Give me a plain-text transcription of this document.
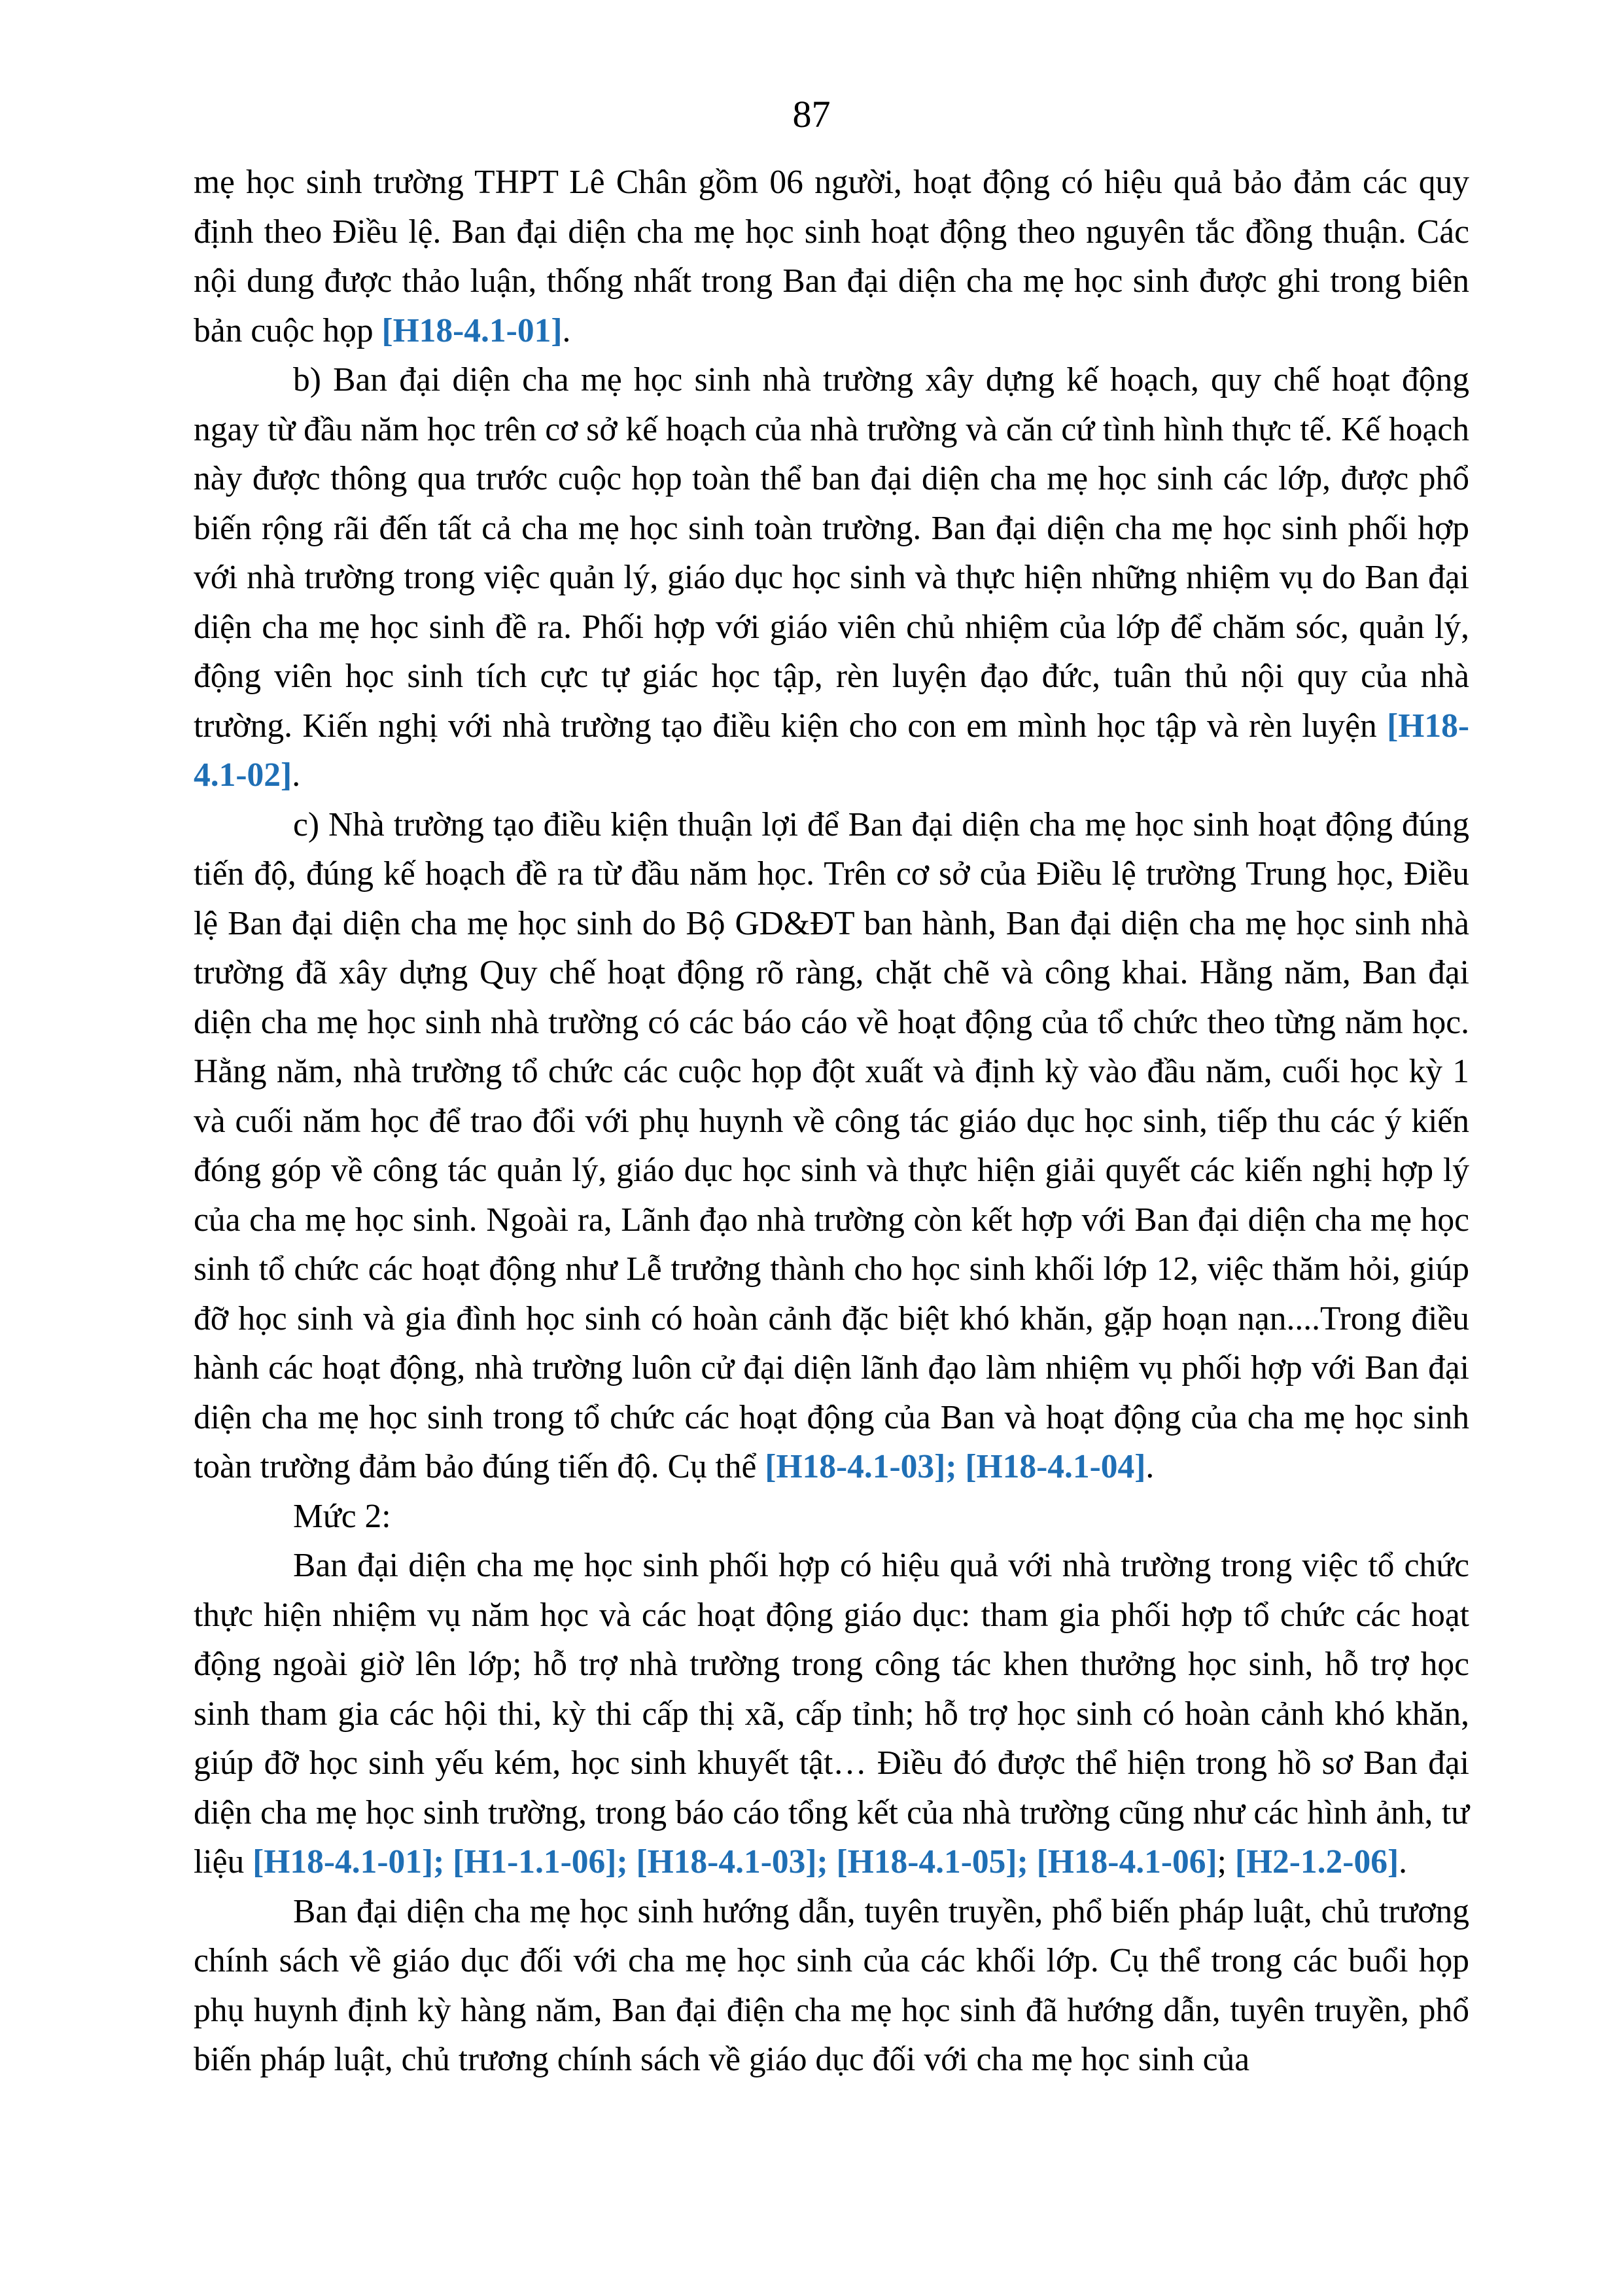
87

mẹ học sinh trường THPT Lê Chân gồm 06 người, hoạt động có hiệu quả bảo đảm các quy định theo Điều lệ. Ban đại diện cha mẹ học sinh hoạt động theo nguyên tắc đồng thuận. Các nội dung được thảo luận, thống nhất trong Ban đại diện cha mẹ học sinh được ghi trong biên bản cuộc họp [H18-4.1-01].

b) Ban đại diện cha mẹ học sinh nhà trường xây dựng kế hoạch, quy chế hoạt động ngay từ đầu năm học trên cơ sở kế hoạch của nhà trường và căn cứ tình hình thực tế. Kế hoạch này được thông qua trước cuộc họp toàn thể ban đại diện cha mẹ học sinh các lớp, được phổ biến rộng rãi đến tất cả cha mẹ học sinh toàn trường. Ban đại diện cha mẹ học sinh phối hợp với nhà trường trong việc quản lý, giáo dục học sinh và thực hiện những nhiệm vụ do Ban đại diện cha mẹ học sinh đề ra. Phối hợp với giáo viên chủ nhiệm của lớp để chăm sóc, quản lý, động viên học sinh tích cực tự giác học tập, rèn luyện đạo đức, tuân thủ nội quy của nhà trường. Kiến nghị với nhà trường tạo điều kiện cho con em mình học tập và rèn luyện [H18-4.1-02].

c) Nhà trường tạo điều kiện thuận lợi để Ban đại diện cha mẹ học sinh hoạt động đúng tiến độ, đúng kế hoạch đề ra từ đầu năm học. Trên cơ sở của Điều lệ trường Trung học, Điều lệ Ban đại diện cha mẹ học sinh do Bộ GD&ĐT ban hành, Ban đại diện cha mẹ học sinh nhà trường đã xây dựng Quy chế hoạt động rõ ràng, chặt chẽ và công khai. Hằng năm, Ban đại diện cha mẹ học sinh nhà trường có các báo cáo về hoạt động của tổ chức theo từng năm học. Hằng năm, nhà trường tổ chức các cuộc họp đột xuất và định kỳ vào đầu năm, cuối học kỳ 1 và cuối năm học để trao đổi với phụ huynh về công tác giáo dục học sinh, tiếp thu các ý kiến đóng góp về công tác quản lý, giáo dục học sinh và thực hiện giải quyết các kiến nghị hợp lý của cha mẹ học sinh. Ngoài ra, Lãnh đạo nhà trường còn kết hợp với Ban đại diện cha mẹ học sinh tổ chức các hoạt động như Lễ trưởng thành cho học sinh khối lớp 12, việc thăm hỏi, giúp đỡ học sinh và gia đình học sinh có hoàn cảnh đặc biệt khó khăn, gặp hoạn nạn....Trong điều hành các hoạt động, nhà trường luôn cử đại diện lãnh đạo làm nhiệm vụ phối hợp với Ban đại diện cha mẹ học sinh trong tổ chức các hoạt động của Ban và hoạt động của cha mẹ học sinh toàn trường đảm bảo đúng tiến độ. Cụ thể [H18-4.1-03]; [H18-4.1-04].

Mức 2:

Ban đại diện cha mẹ học sinh phối hợp có hiệu quả với nhà trường trong việc tổ chức thực hiện nhiệm vụ năm học và các hoạt động giáo dục: tham gia phối hợp tổ chức các hoạt động ngoài giờ lên lớp; hỗ trợ nhà trường trong công tác khen thưởng học sinh, hỗ trợ học sinh tham gia các hội thi, kỳ thi cấp thị xã, cấp tỉnh; hỗ trợ học sinh có hoàn cảnh khó khăn, giúp đỡ học sinh yếu kém, học sinh khuyết tật… Điều đó được thể hiện trong hồ sơ Ban đại diện cha mẹ học sinh trường, trong báo cáo tổng kết của nhà trường cũng như các hình ảnh, tư liệu [H18-4.1-01]; [H1-1.1-06]; [H18-4.1-03]; [H18-4.1-05]; [H18-4.1-06]; [H2-1.2-06].

Ban đại diện cha mẹ học sinh hướng dẫn, tuyên truyền, phổ biến pháp luật, chủ trương chính sách về giáo dục đối với cha mẹ học sinh của các khối lớp. Cụ thể trong các buổi họp phụ huynh định kỳ hàng năm, Ban đại điện cha mẹ học sinh đã hướng dẫn, tuyên truyền, phổ biến pháp luật, chủ trương chính sách về giáo dục đối với cha mẹ học sinh của
